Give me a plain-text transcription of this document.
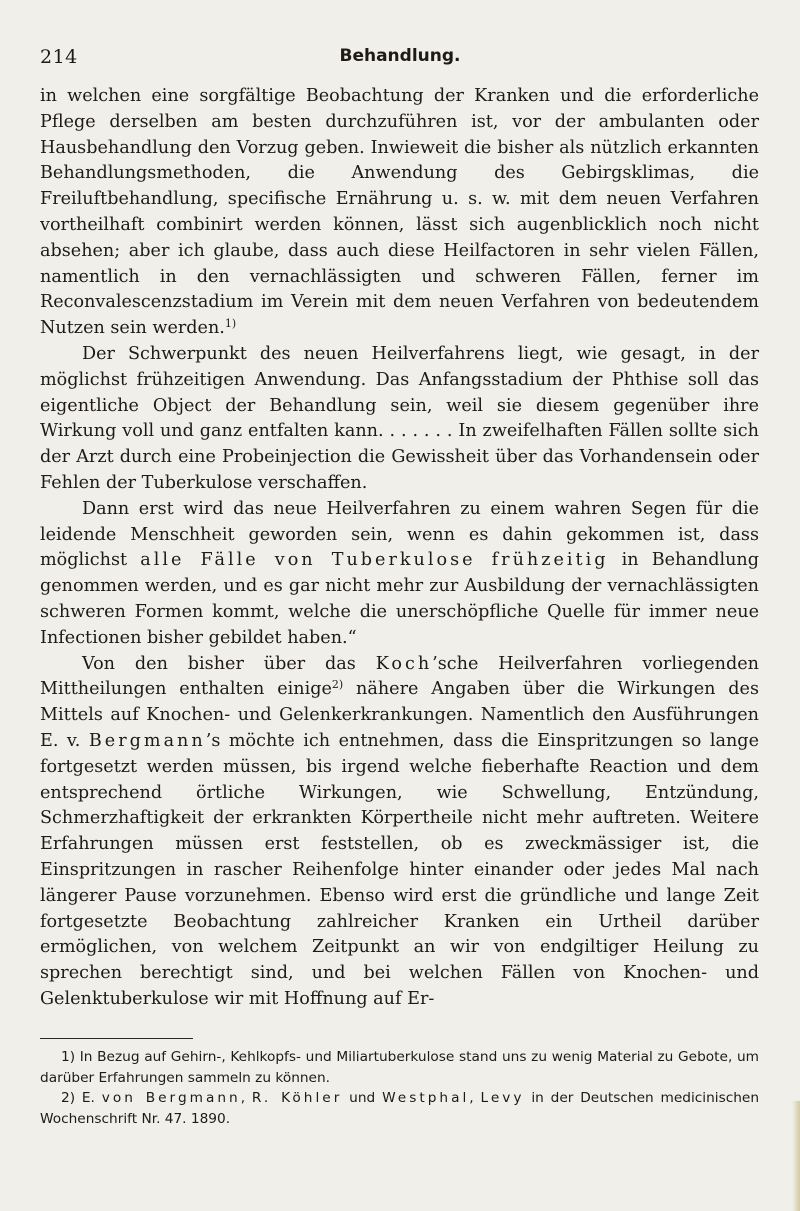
214	Behandlung.

in welchen eine sorgfältige Beobachtung der Kranken und die erforderliche Pflege derselben am besten durchzuführen ist, vor der ambulanten oder Hausbehandlung den Vorzug geben. Inwieweit die bisher als nützlich erkannten Behandlungsmethoden, die Anwendung des Gebirgsklimas, die Freiluftbehandlung, specifische Ernährung u. s. w. mit dem neuen Verfahren vortheilhaft combinirt werden können, lässt sich augenblicklich noch nicht absehen; aber ich glaube, dass auch diese Heilfactoren in sehr vielen Fällen, namentlich in den vernachlässigten und schweren Fällen, ferner im Reconvalescenzstadium im Verein mit dem neuen Verfahren von bedeutendem Nutzen sein werden.$^{1)}$

Der Schwerpunkt des neuen Heilverfahrens liegt, wie gesagt, in der möglichst frühzeitigen Anwendung. Das Anfangsstadium der Phthise soll das eigentliche Object der Behandlung sein, weil sie diesem gegenüber ihre Wirkung voll und ganz entfalten kann. . . . . . . In zweifelhaften Fällen sollte sich der Arzt durch eine Probeinjection die Gewissheit über das Vorhandensein oder Fehlen der Tuberkulose verschaffen.

Dann erst wird das neue Heilverfahren zu einem wahren Segen für die leidende Menschheit geworden sein, wenn es dahin gekommen ist, dass möglichst alle Fälle von Tuberkulose frühzeitig in Behandlung genommen werden, und es gar nicht mehr zur Ausbildung der vernachlässigten schweren Formen kommt, welche die unerschöpfliche Quelle für immer neue Infectionen bisher gebildet haben.“

Von den bisher über das Koch’sche Heilverfahren vorliegenden Mittheilungen enthalten einige$^{2)}$ nähere Angaben über die Wirkungen des Mittels auf Knochen- und Gelenkerkrankungen. Namentlich den Ausführungen E. v. Bergmann’s möchte ich entnehmen, dass die Einspritzungen so lange fortgesetzt werden müssen, bis irgend welche fieberhafte Reaction und dem entsprechend örtliche Wirkungen, wie Schwellung, Entzündung, Schmerzhaftigkeit der erkrankten Körpertheile nicht mehr auftreten. Weitere Erfahrungen müssen erst feststellen, ob es zweckmässiger ist, die Einspritzungen in rascher Reihenfolge hinter einander oder jedes Mal nach längerer Pause vorzunehmen. Ebenso wird erst die gründliche und lange Zeit fortgesetzte Beobachtung zahlreicher Kranken ein Urtheil darüber ermöglichen, von welchem Zeitpunkt an wir von endgiltiger Heilung zu sprechen berechtigt sind, und bei welchen Fällen von Knochen- und Gelenktuberkulose wir mit Hoffnung auf Er-

1) In Bezug auf Gehirn-, Kehlkopfs- und Miliartuberkulose stand uns zu wenig Material zu Gebote, um darüber Erfahrungen sammeln zu können.

2) E. von Bergmann, R. Köhler und Westphal, Levy in der Deutschen medicinischen Wochenschrift Nr. 47. 1890.
